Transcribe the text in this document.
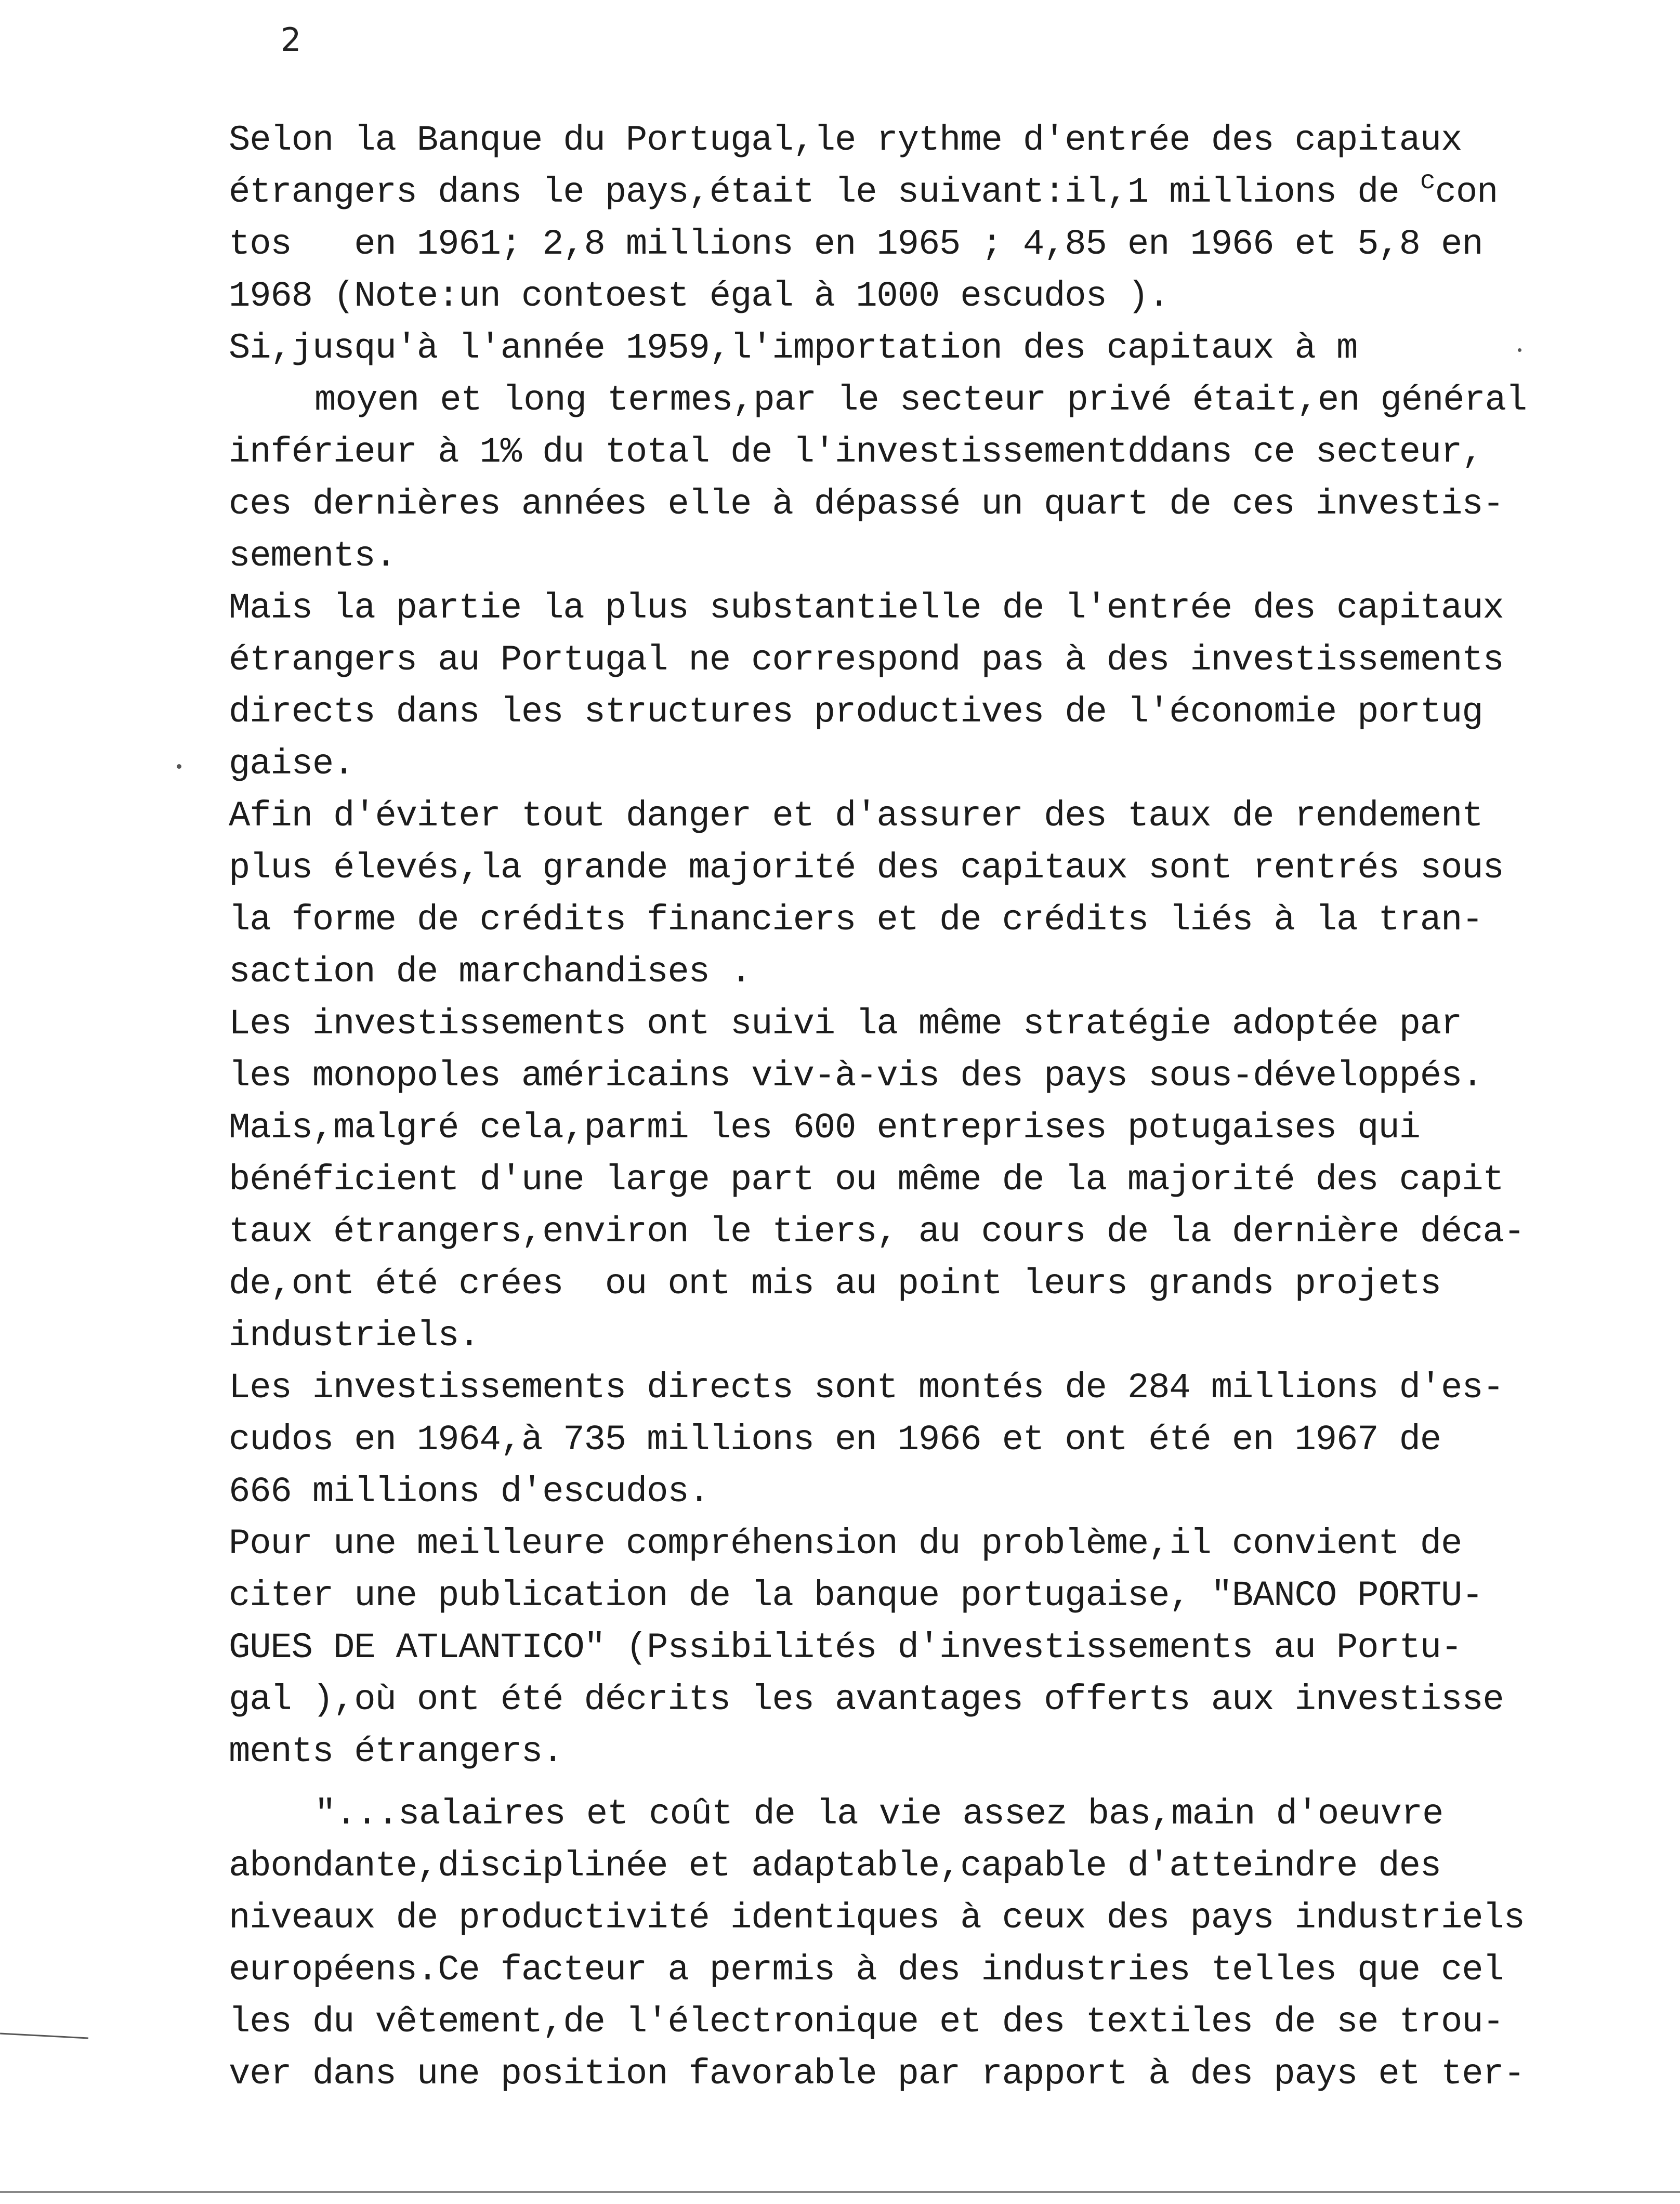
2
Selon la Banque du Portugal,le rythme d'entrée des capitaux
étrangers dans le pays,était le suivant:il,1 millions de $^c$con
tos   en 1961; 2,8 millions en 1965 ; 4,85 en 1966 et 5,8 en
1968 (Note:un contoest égal à 1000 escudos ).
Si,jusqu'à l'année 1959,l'importation des capitaux à m
moyen et long termes,par le secteur privé était,en général
inférieur à 1% du total de l'investissementddans ce secteur,
ces dernières années elle à dépassé un quart de ces investis-
sements.
Mais la partie la plus substantielle de l'entrée des capitaux
étrangers au Portugal ne correspond pas à des investissements
directs dans les structures productives de l'économie portug
gaise.
Afin d'éviter tout danger et d'assurer des taux de rendement
plus élevés,la grande majorité des capitaux sont rentrés sous
la forme de crédits financiers et de crédits liés à la tran-
saction de marchandises .
Les investissements ont suivi la même stratégie adoptée par
les monopoles américains viv-à-vis des pays sous-développés.
Mais,malgré cela,parmi les 600 entreprises potugaises qui
bénéficient d'une large part ou même de la majorité des capit
taux étrangers,environ le tiers, au cours de la dernière déca-
de,ont été crées  ou ont mis au point leurs grands projets
industriels.
Les investissements directs sont montés de 284 millions d'es-
cudos en 1964,à 735 millions en 1966 et ont été en 1967 de
666 millions d'escudos.
Pour une meilleure compréhension du problème,il convient de
citer une publication de la banque portugaise, "BANCO PORTU-
GUES DE ATLANTICO" (Pssibilités d'investissements au Portu-
gal ),où ont été décrits les avantages offerts aux investisse
ments étrangers.
"...salaires et coût de la vie assez bas,main d'oeuvre
abondante,disciplinée et adaptable,capable d'atteindre des
niveaux de productivité identiques à ceux des pays industriels
européens.Ce facteur a permis à des industries telles que cel
les du vêtement,de l'électronique et des textiles de se trou-
ver dans une position favorable par rapport à des pays et ter-
